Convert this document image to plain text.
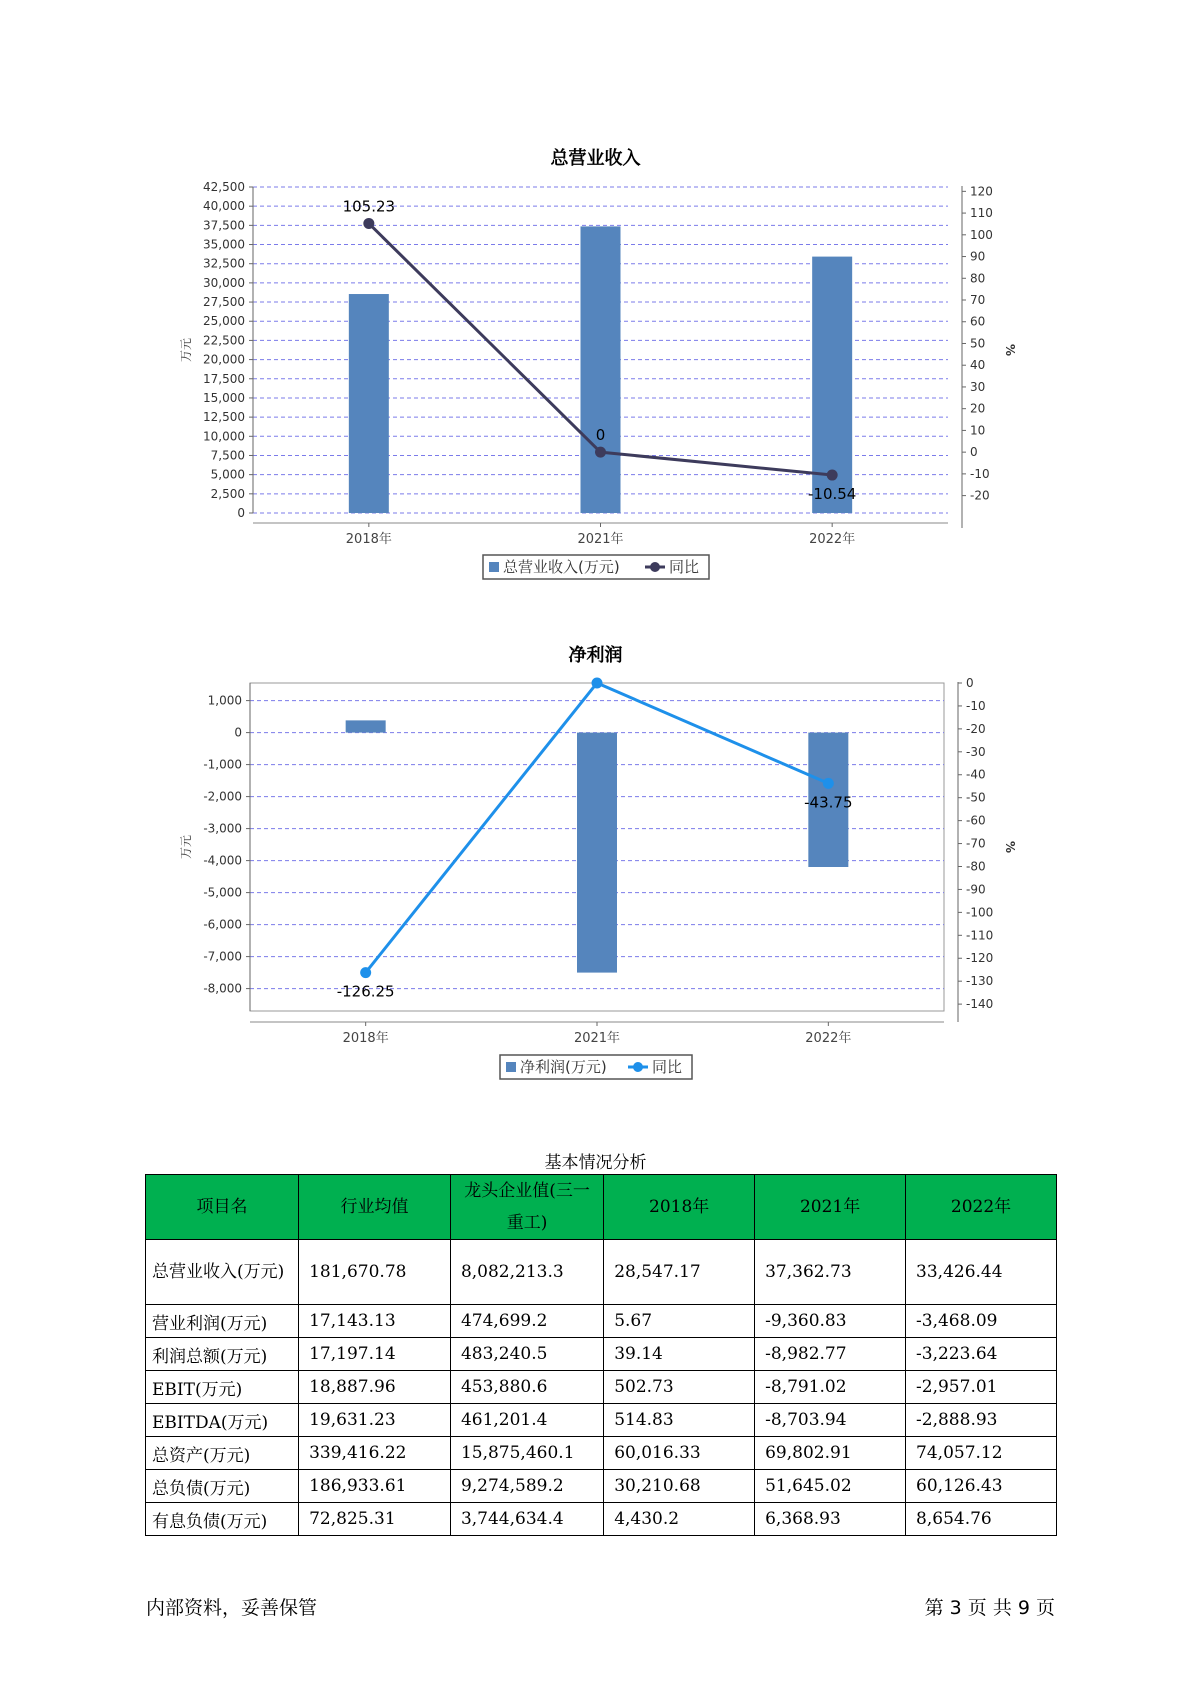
总营业收入
0
2,500
5,000
7,500
10,000
12,500
15,000
17,500
20,000
22,500
25,000
27,500
30,000
32,500
35,000
37,500
40,000
42,500
-20
-10
0
10
20
30
40
50
60
70
80
90
100
110
120
2018年	2021年	2022年
万元	%
105.23
0
-10.54
总营业收入(万元)	同比
净利润
-8,000
-7,000
-6,000
-5,000
-4,000
-3,000
-2,000
-1,000
0
1,000
-140
-130
-120
-110
-100
-90
-80
-70
-60
-50
-40
-30
-20
-10
0
2018年	2021年	2022年
万元	%
-126.25
-43.75
净利润(万元)	同比
基本情况分析
项目名	行业均值	龙头企业值(三一重工)	2018年	2021年	2022年
总营业收入(万元)	181,670.78	8,082,213.3	28,547.17	37,362.73	33,426.44
营业利润(万元)	17,143.13	474,699.2	5.67	-9,360.83	-3,468.09
利润总额(万元)	17,197.14	483,240.5	39.14	-8,982.77	-3,223.64
EBIT(万元)	18,887.96	453,880.6	502.73	-8,791.02	-2,957.01
EBITDA(万元)	19,631.23	461,201.4	514.83	-8,703.94	-2,888.93
总资产(万元)	339,416.22	15,875,460.1	60,016.33	69,802.91	74,057.12
总负债(万元)	186,933.61	9,274,589.2	30,210.68	51,645.02	60,126.43
有息负债(万元)	72,825.31	3,744,634.4	4,430.2	6,368.93	8,654.76
内部资料，妥善保管	第 3 页 共 9 页
